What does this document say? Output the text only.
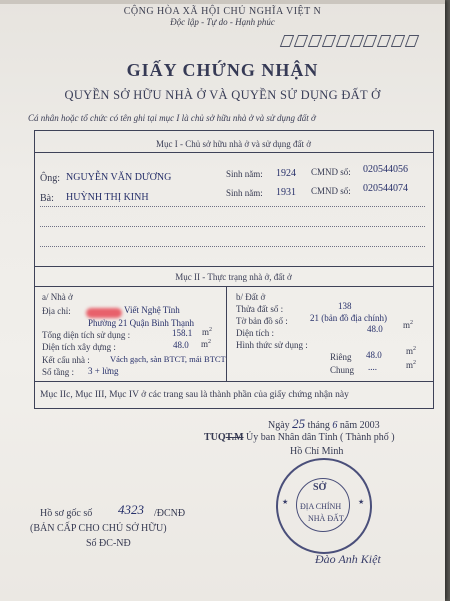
CỘNG HÒA XÃ HỘI CHỦ NGHĨA VIỆT N
Độc lập - Tự do - Hạnh phúc
GIẤY CHỨNG NHẬN
QUYỀN SỞ HỮU NHÀ Ở VÀ QUYỀN SỬ DỤNG ĐẤT Ở
Cá nhân hoặc tổ chức có tên ghi tại mục I là chủ sở hữu nhà ở và sử dụng đất ở
Mục I - Chủ sở hữu nhà ở và sử dụng đất ở
Ông: NGUYỄN VĂN DƯƠNG	Sinh năm: 1924 CMND số: 020544056
Bà: HUỲNH THỊ KINH	Sinh năm: 1931 CMND số: 020544074
Mục II - Thực trạng nhà ở, đất ở
a/ Nhà ở
Địa chỉ:	Viết Nghệ Tĩnh
Phường 21 Quận Bình Thạnh
Tổng diện tích sử dụng :	158.1 $m^2$
Diện tích xây dựng :	48.0 $m^2$
Kết cấu nhà : Vách gạch, sàn BTCT, mái BTCT
Số tầng : 3 + lửng
b/ Đất ở
Thửa đất số :	138
Tờ bản đồ số : 21 (bản đồ địa chính)
Diện tích :	48.0 $m^2$
Hình thức sử dụng :
Riêng 48.0	$m^2$
Chung ....	$m^2$
Mục IIc, Mục III, Mục IV ở các trang sau là thành phần của giấy chứng nhận này
Ngày 25 tháng 6 năm 2003
TUQT.M Ủy ban Nhân dân Tỉnh ( Thành phố )
Hồ Chí Minh
★	★
SỞ
ĐỊA CHÍNH
NHÀ ĐẤT
Hồ sơ gốc số 4323 /ĐCNĐ
(BẢN CẤP CHO CHỦ SỞ HỮU)
Sổ ĐC-NĐ
Đào Anh Kiệt
